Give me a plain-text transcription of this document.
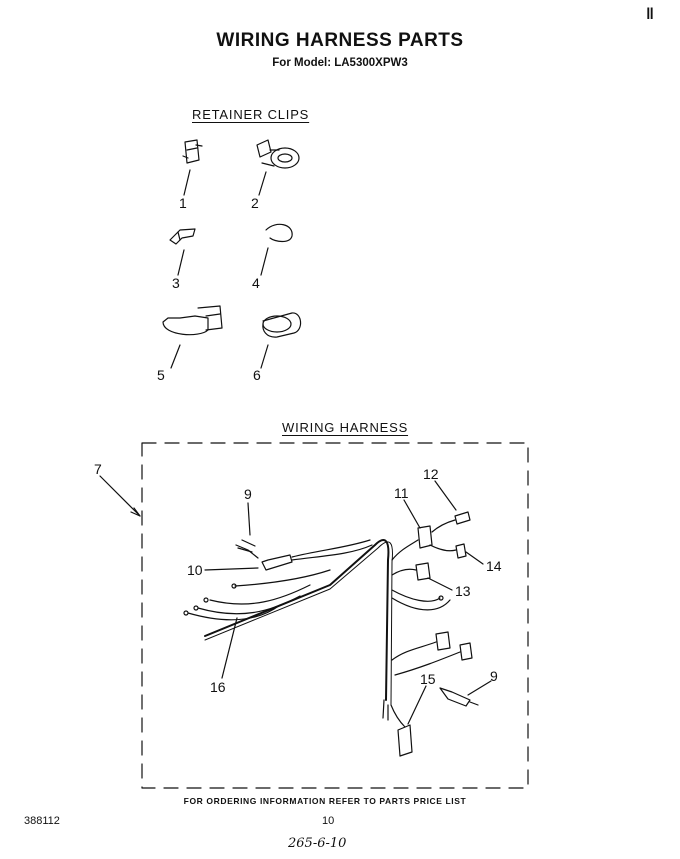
‖
WIRING HARNESS PARTS
For Model: LA5300XPW3
RETAINER CLIPS
WIRING HARNESS
1	2
3	4
5	6
7
9
9
10
11
12
13
14
15
16
FOR ORDERING INFORMATION REFER TO PARTS PRICE LIST
388112	10
265-6-10
